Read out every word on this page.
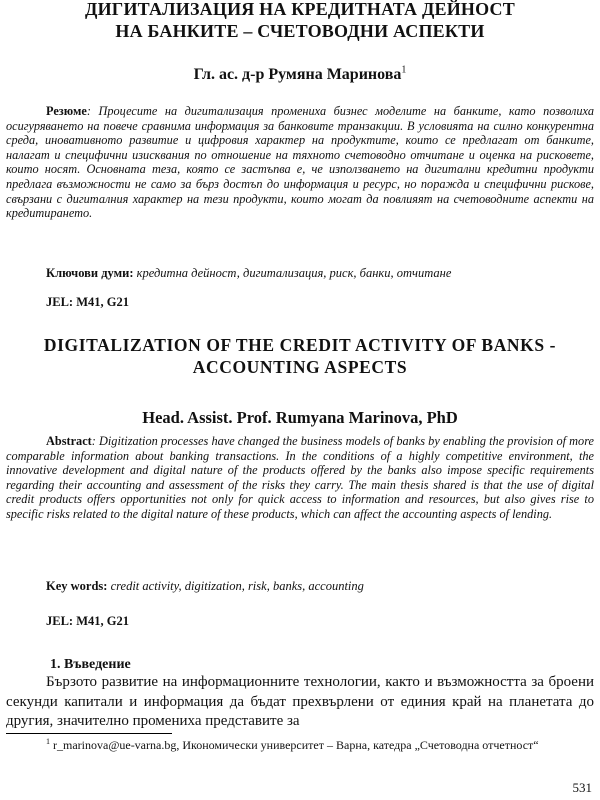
ДИГИТАЛИЗАЦИЯ НА КРЕДИТНАТА ДЕЙНОСТ
НА БАНКИТЕ – СЧЕТОВОДНИ АСПЕКТИ
Гл. ас. д-р Румяна Маринова$^1$
Резюме: Процесите на дигитализация промениха бизнес моделите на банките, като позволиха осигуряването на повече сравнима информация за банковите транзакции. В условията на силно конкурентна среда, иновативното развитие и цифровия характер на продуктите, които се предлагат от банките, налагат и специфични изисквания по отношение на тяхното счетоводно отчитане и оценка на рисковете, които носят. Основната теза, която се застъпва е, че използването на дигитални кредитни продукти предлага възможности не само за бърз достъп до информация и ресурс, но поражда и специфични рискове, свързани с дигиталния характер на тези продукти, които могат да повлияят на счетоводните аспекти на кредитирането.
Ключови думи: кредитна дейност, дигитализация, риск, банки, отчитане
JEL: M41, G21
DIGITALIZATION OF THE CREDIT ACTIVITY OF BANKS -
ACCOUNTING ASPECTS
Head. Assist. Prof. Rumyana Marinova, PhD
Abstract: Digitization processes have changed the business models of banks by enabling the provision of more comparable information about banking transactions. In the conditions of a highly competitive environment, the innovative development and digital nature of the products offered by the banks also impose specific requirements regarding their accounting and assessment of the risks they carry. The main thesis shared is that the use of digital credit products offers opportunities not only for quick access to information and resources, but also gives rise to specific risks related to the digital nature of these products, which can affect the accounting aspects of lending.
Key words: credit activity, digitization, risk, banks, accounting
JEL: M41, G21
1. Въведение
Бързото развитие на информационните технологии, както и възможността за броени секунди капитали и информация да бъдат прехвърлени от единия край на планетата до другия, значително промениха представите за
$^1$ r_marinova@ue-varna.bg, Икономически университет – Варна, катедра „Счетоводна отчетност“
531
